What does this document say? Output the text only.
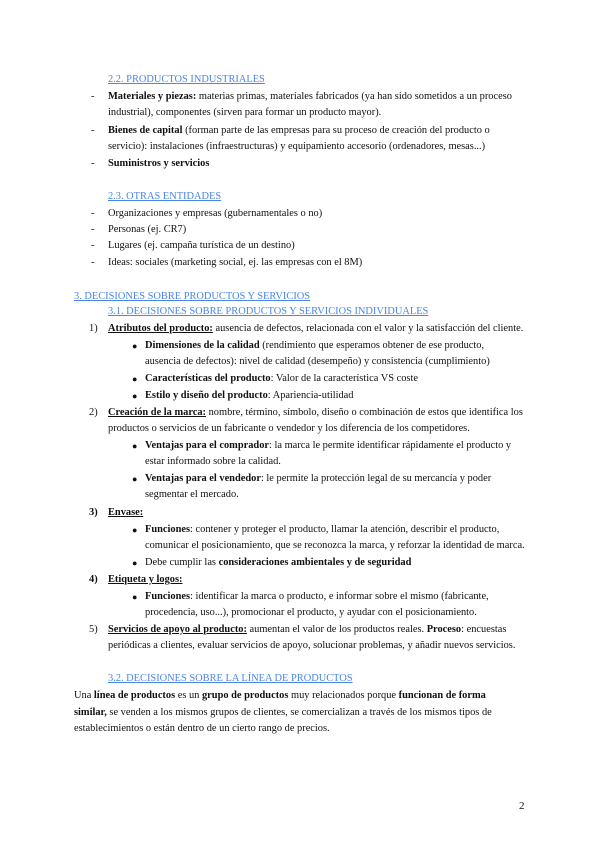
2.2. PRODUCTOS INDUSTRIALES
- Materiales y piezas: materias primas, materiales fabricados (ya han sido sometidos a un proceso
industrial), componentes (sirven para formar un producto mayor).
- Bienes de capital (forman parte de las empresas para su proceso de creación del producto o
servicio): instalaciones (infraestructuras) y equipamiento accesorio (ordenadores, mesas...)
- Suministros y servicios
2.3. OTRAS ENTIDADES
- Organizaciones y empresas (gubernamentales o no)
- Personas (ej. CR7)
- Lugares (ej. campaña turística de un destino)
- Ideas: sociales (marketing social, ej. las empresas con el 8M)
3. DECISIONES SOBRE PRODUCTOS Y SERVICIOS
3.1. DECISIONES SOBRE PRODUCTOS Y SERVICIOS INDIVIDUALES
1) Atributos del producto: ausencia de defectos, relacionada con el valor y la satisfacción del cliente.
● Dimensiones de la calidad (rendimiento que esperamos obtener de ese producto,
ausencia de defectos): nivel de calidad (desempeño) y consistencia (cumplimiento)
● Características del producto: Valor de la característica VS coste
● Estilo y diseño del producto: Apariencia-utilidad
2) Creación de la marca: nombre, término, símbolo, diseño o combinación de estos que identifica los
productos o servicios de un fabricante o vendedor y los diferencia de los competidores.
● Ventajas para el comprador: la marca le permite identificar rápidamente el producto y
estar informado sobre la calidad.
● Ventajas para el vendedor: le permite la protección legal de su mercancía y poder
segmentar el mercado.
3) Envase:
● Funciones: contener y proteger el producto, llamar la atención, describir el producto,
comunicar el posicionamiento, que se reconozca la marca, y reforzar la identidad de marca.
● Debe cumplir las consideraciones ambientales y de seguridad
4) Etiqueta y logos:
● Funciones: identificar la marca o producto, e informar sobre el mismo (fabricante,
procedencia, uso...), promocionar el producto, y ayudar con el posicionamiento.
5) Servicios de apoyo al producto: aumentan el valor de los productos reales. Proceso: encuestas
periódicas a clientes, evaluar servicios de apoyo, solucionar problemas, y añadir nuevos servicios.
3.2. DECISIONES SOBRE LA LÍNEA DE PRODUCTOS
Una línea de productos es un grupo de productos muy relacionados porque funcionan de forma
similar, se venden a los mismos grupos de clientes, se comercializan a través de los mismos tipos de
establecimientos o están dentro de un cierto rango de precios.
2
